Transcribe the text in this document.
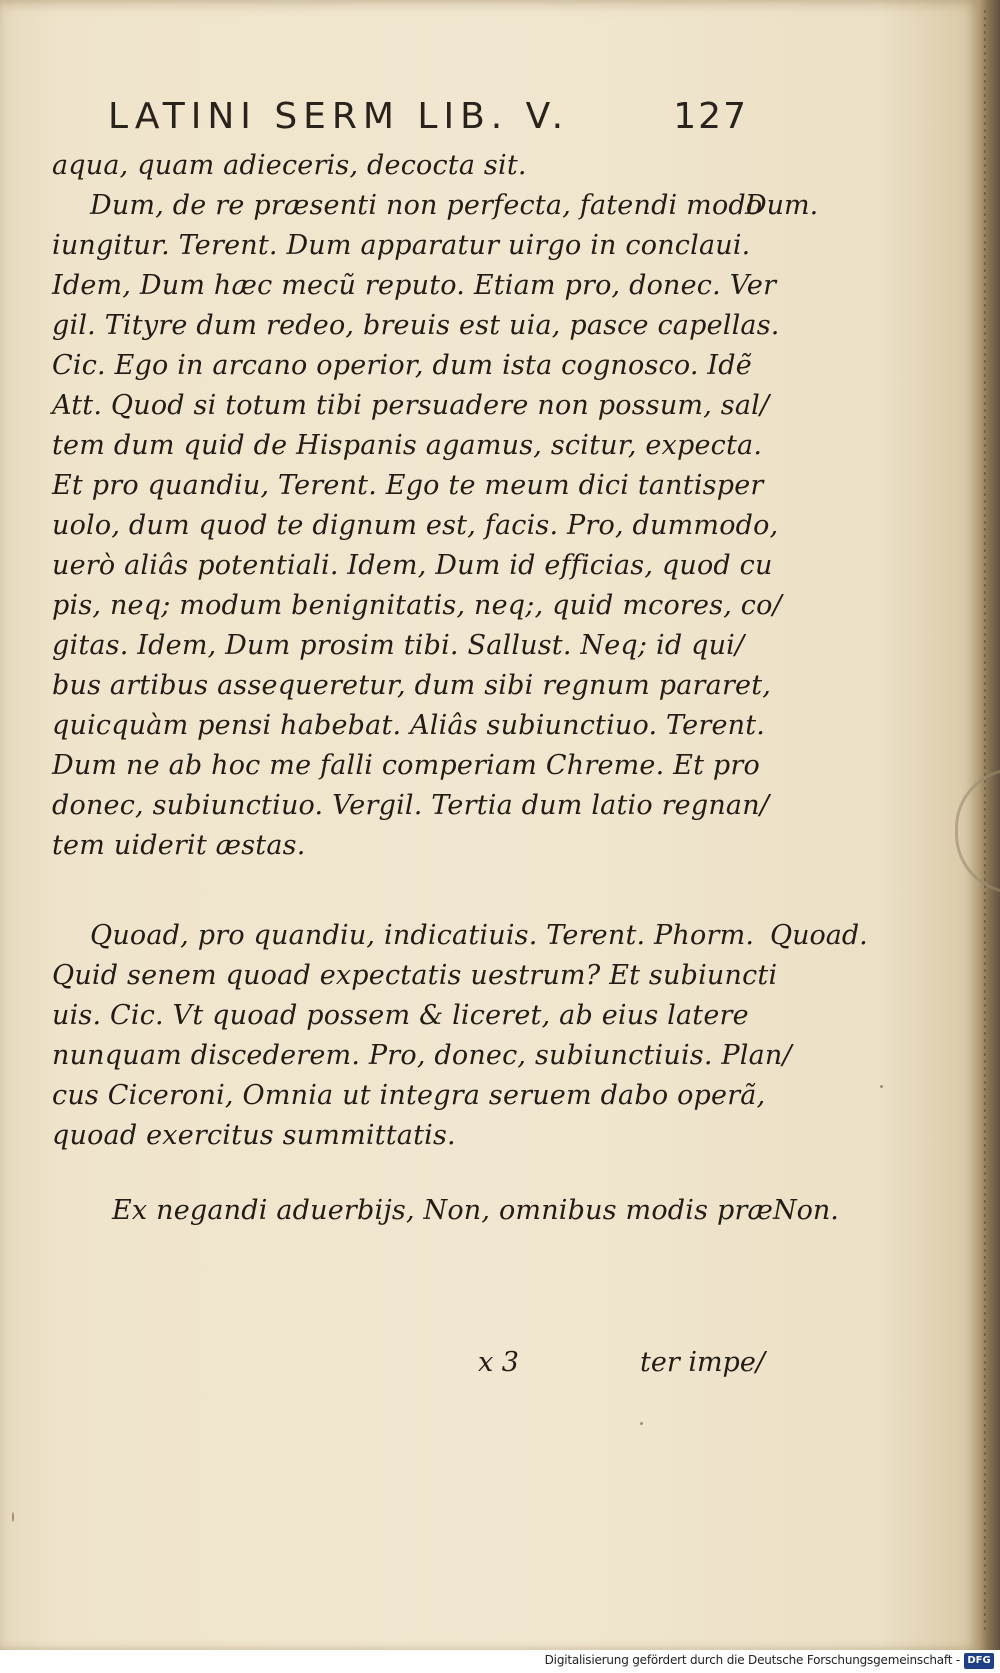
LATINI SERM LIB. V.	127
aqua, quam adieceris, decocta sit.
Dum, de re præsenti non perfecta, fatendi modo
iungitur. Terent. Dum apparatur uirgo in conclaui.
Idem, Dum hæc mecũ reputo. Etiam pro, donec. Ver
gil. Tityre dum redeo, breuis est uia, pasce capellas.
Cic. Ego in arcano operior, dum ista cognosco. Idẽ
Att. Quod si totum tibi persuadere non possum, sal/
tem dum quid de Hispanis agamus, scitur, expecta.
Et pro quandiu, Terent. Ego te meum dici tantisper
uolo, dum quod te dignum est, facis. Pro, dummodo,
uerò aliâs potentiali. Idem, Dum id efficias, quod cu
pis, neq; modum benignitatis, neq;, quid mcores, co/
gitas. Idem, Dum prosim tibi. Sallust. Neq; id qui/
bus artibus assequeretur, dum sibi regnum pararet,
quicquàm pensi habebat. Aliâs subiunctiuo. Terent.
Dum ne ab hoc me falli comperiam Chreme. Et pro
donec, subiunctiuo. Vergil. Tertia dum latio regnan/
tem uiderit æstas.
Quoad, pro quandiu, indicatiuis. Terent. Phorm.
Quid senem quoad expectatis uestrum? Et subiuncti
uis. Cic. Vt quoad possem & liceret, ab eius latere
nunquam discederem. Pro, donec, subiunctiuis. Plan/
cus Ciceroni, Omnia ut integra seruem dabo operã,
quoad exercitus summittatis.
Ex negandi aduerbijs, Non, omnibus modis præ
Dum.
Quoad.
Non.
x 3	ter impe/
Digitalisierung gefördert durch die Deutsche Forschungsgemeinschaft - DFG
